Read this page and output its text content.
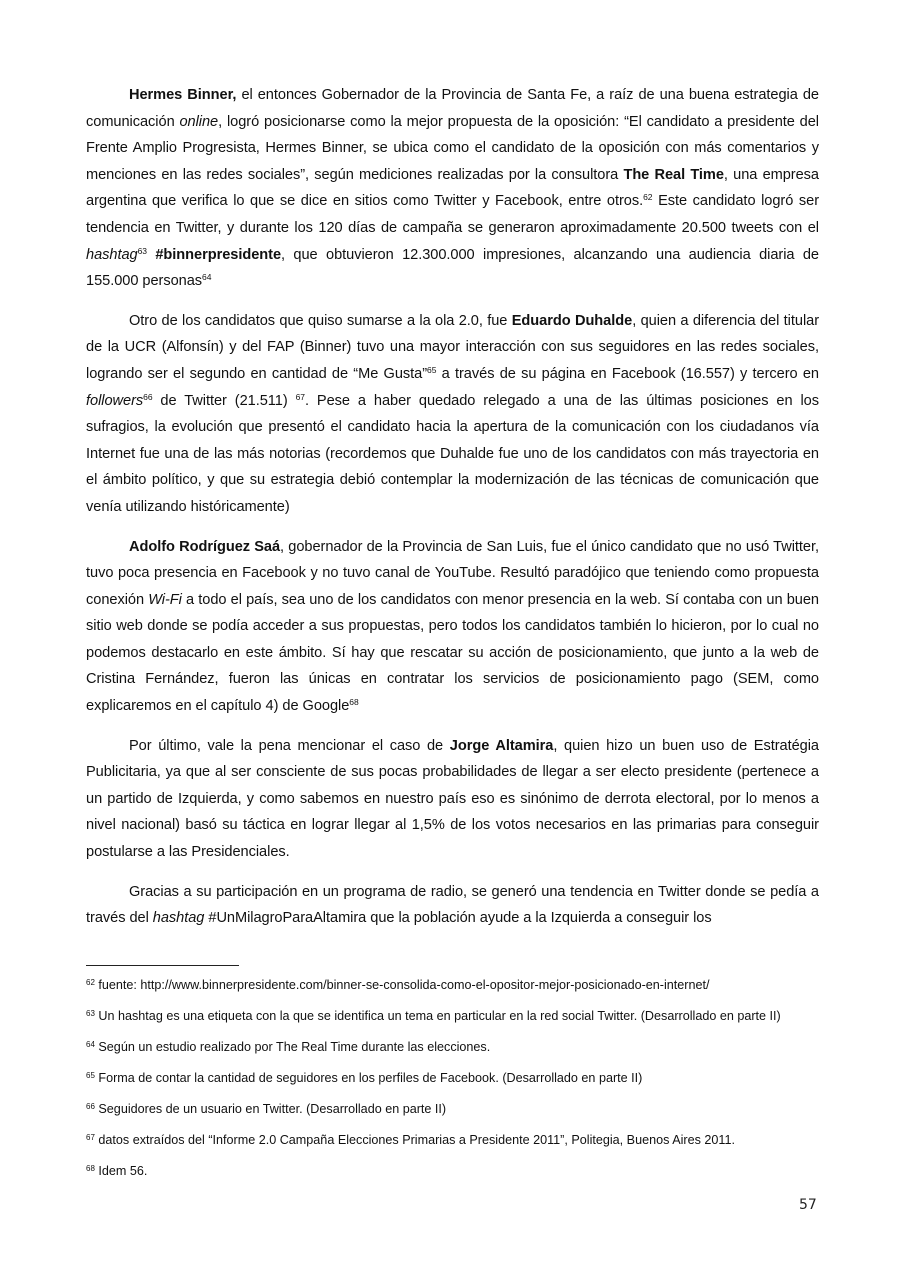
Hermes Binner, el entonces Gobernador de la Provincia de Santa Fe, a raíz de una buena estrategia de comunicación online, logró posicionarse como la mejor propuesta de la oposición: “El candidato a presidente del Frente Amplio Progresista, Hermes Binner, se ubica como el candidato de la oposición con más comentarios y menciones en las redes sociales”, según mediciones realizadas por la consultora The Real Time, una empresa argentina que verifica lo que se dice en sitios como Twitter y Facebook, entre otros.$^{62}$ Este candidato logró ser tendencia en Twitter, y durante los 120 días de campaña se generaron aproximadamente 20.500 tweets con el hashtag$^{63}$ #binnerpresidente, que obtuvieron 12.300.000 impresiones, alcanzando una audiencia diaria de 155.000 personas$^{64}$

Otro de los candidatos que quiso sumarse a la ola 2.0, fue Eduardo Duhalde, quien a diferencia del titular de la UCR (Alfonsín) y del FAP (Binner) tuvo una mayor interacción con sus seguidores en las redes sociales, logrando ser el segundo en cantidad de “Me Gusta”$^{65}$ a través de su página en Facebook (16.557) y tercero en followers$^{66}$ de Twitter (21.511) $^{67}$. Pese a haber quedado relegado a una de las últimas posiciones en los sufragios, la evolución que presentó el candidato hacia la apertura de la comunicación con los ciudadanos vía Internet fue una de las más notorias (recordemos que Duhalde fue uno de los candidatos con más trayectoria en el ámbito político, y que su estrategia debió contemplar la modernización de las técnicas de comunicación que venía utilizando históricamente)

Adolfo Rodríguez Saá, gobernador de la Provincia de San Luis, fue el único candidato que no usó Twitter, tuvo poca presencia en Facebook y no tuvo canal de YouTube. Resultó paradójico que teniendo como propuesta conexión Wi-Fi a todo el país, sea uno de los candidatos con menor presencia en la web. Sí contaba con un buen sitio web donde se podía acceder a sus propuestas, pero todos los candidatos también lo hicieron, por lo cual no podemos destacarlo en este ámbito. Sí hay que rescatar su acción de posicionamiento, que junto a la web de Cristina Fernández, fueron las únicas en contratar los servicios de posicionamiento pago (SEM, como explicaremos en el capítulo 4) de Google$^{68}$

Por último, vale la pena mencionar el caso de Jorge Altamira, quien hizo un buen uso de Estratégia Publicitaria, ya que al ser consciente de sus pocas probabilidades de llegar a ser electo presidente (pertenece a un partido de Izquierda, y como sabemos en nuestro país eso es sinónimo de derrota electoral, por lo menos a nivel nacional) basó su táctica en lograr llegar al 1,5% de los votos necesarios en las primarias para conseguir postularse a las Presidenciales.

Gracias a su participación en un programa de radio, se generó una tendencia en Twitter donde se pedía a través del hashtag #UnMilagroParaAltamira que la población ayude a la Izquierda a conseguir los

$^{62}$ fuente: http://www.binnerpresidente.com/binner-se-consolida-como-el-opositor-mejor-posicionado-en-internet/

$^{63}$ Un hashtag es una etiqueta con la que se identifica un tema en particular en la red social Twitter. (Desarrollado en parte II)

$^{64}$ Según un estudio realizado por The Real Time durante las elecciones.

$^{65}$ Forma de contar la cantidad de seguidores en los perfiles de Facebook. (Desarrollado en parte II)

$^{66}$ Seguidores de un usuario en Twitter. (Desarrollado en parte II)

$^{67}$ datos extraídos del “Informe 2.0 Campaña Elecciones Primarias a Presidente 2011”, Politegia, Buenos Aires 2011.

$^{68}$ Idem 56.

57
